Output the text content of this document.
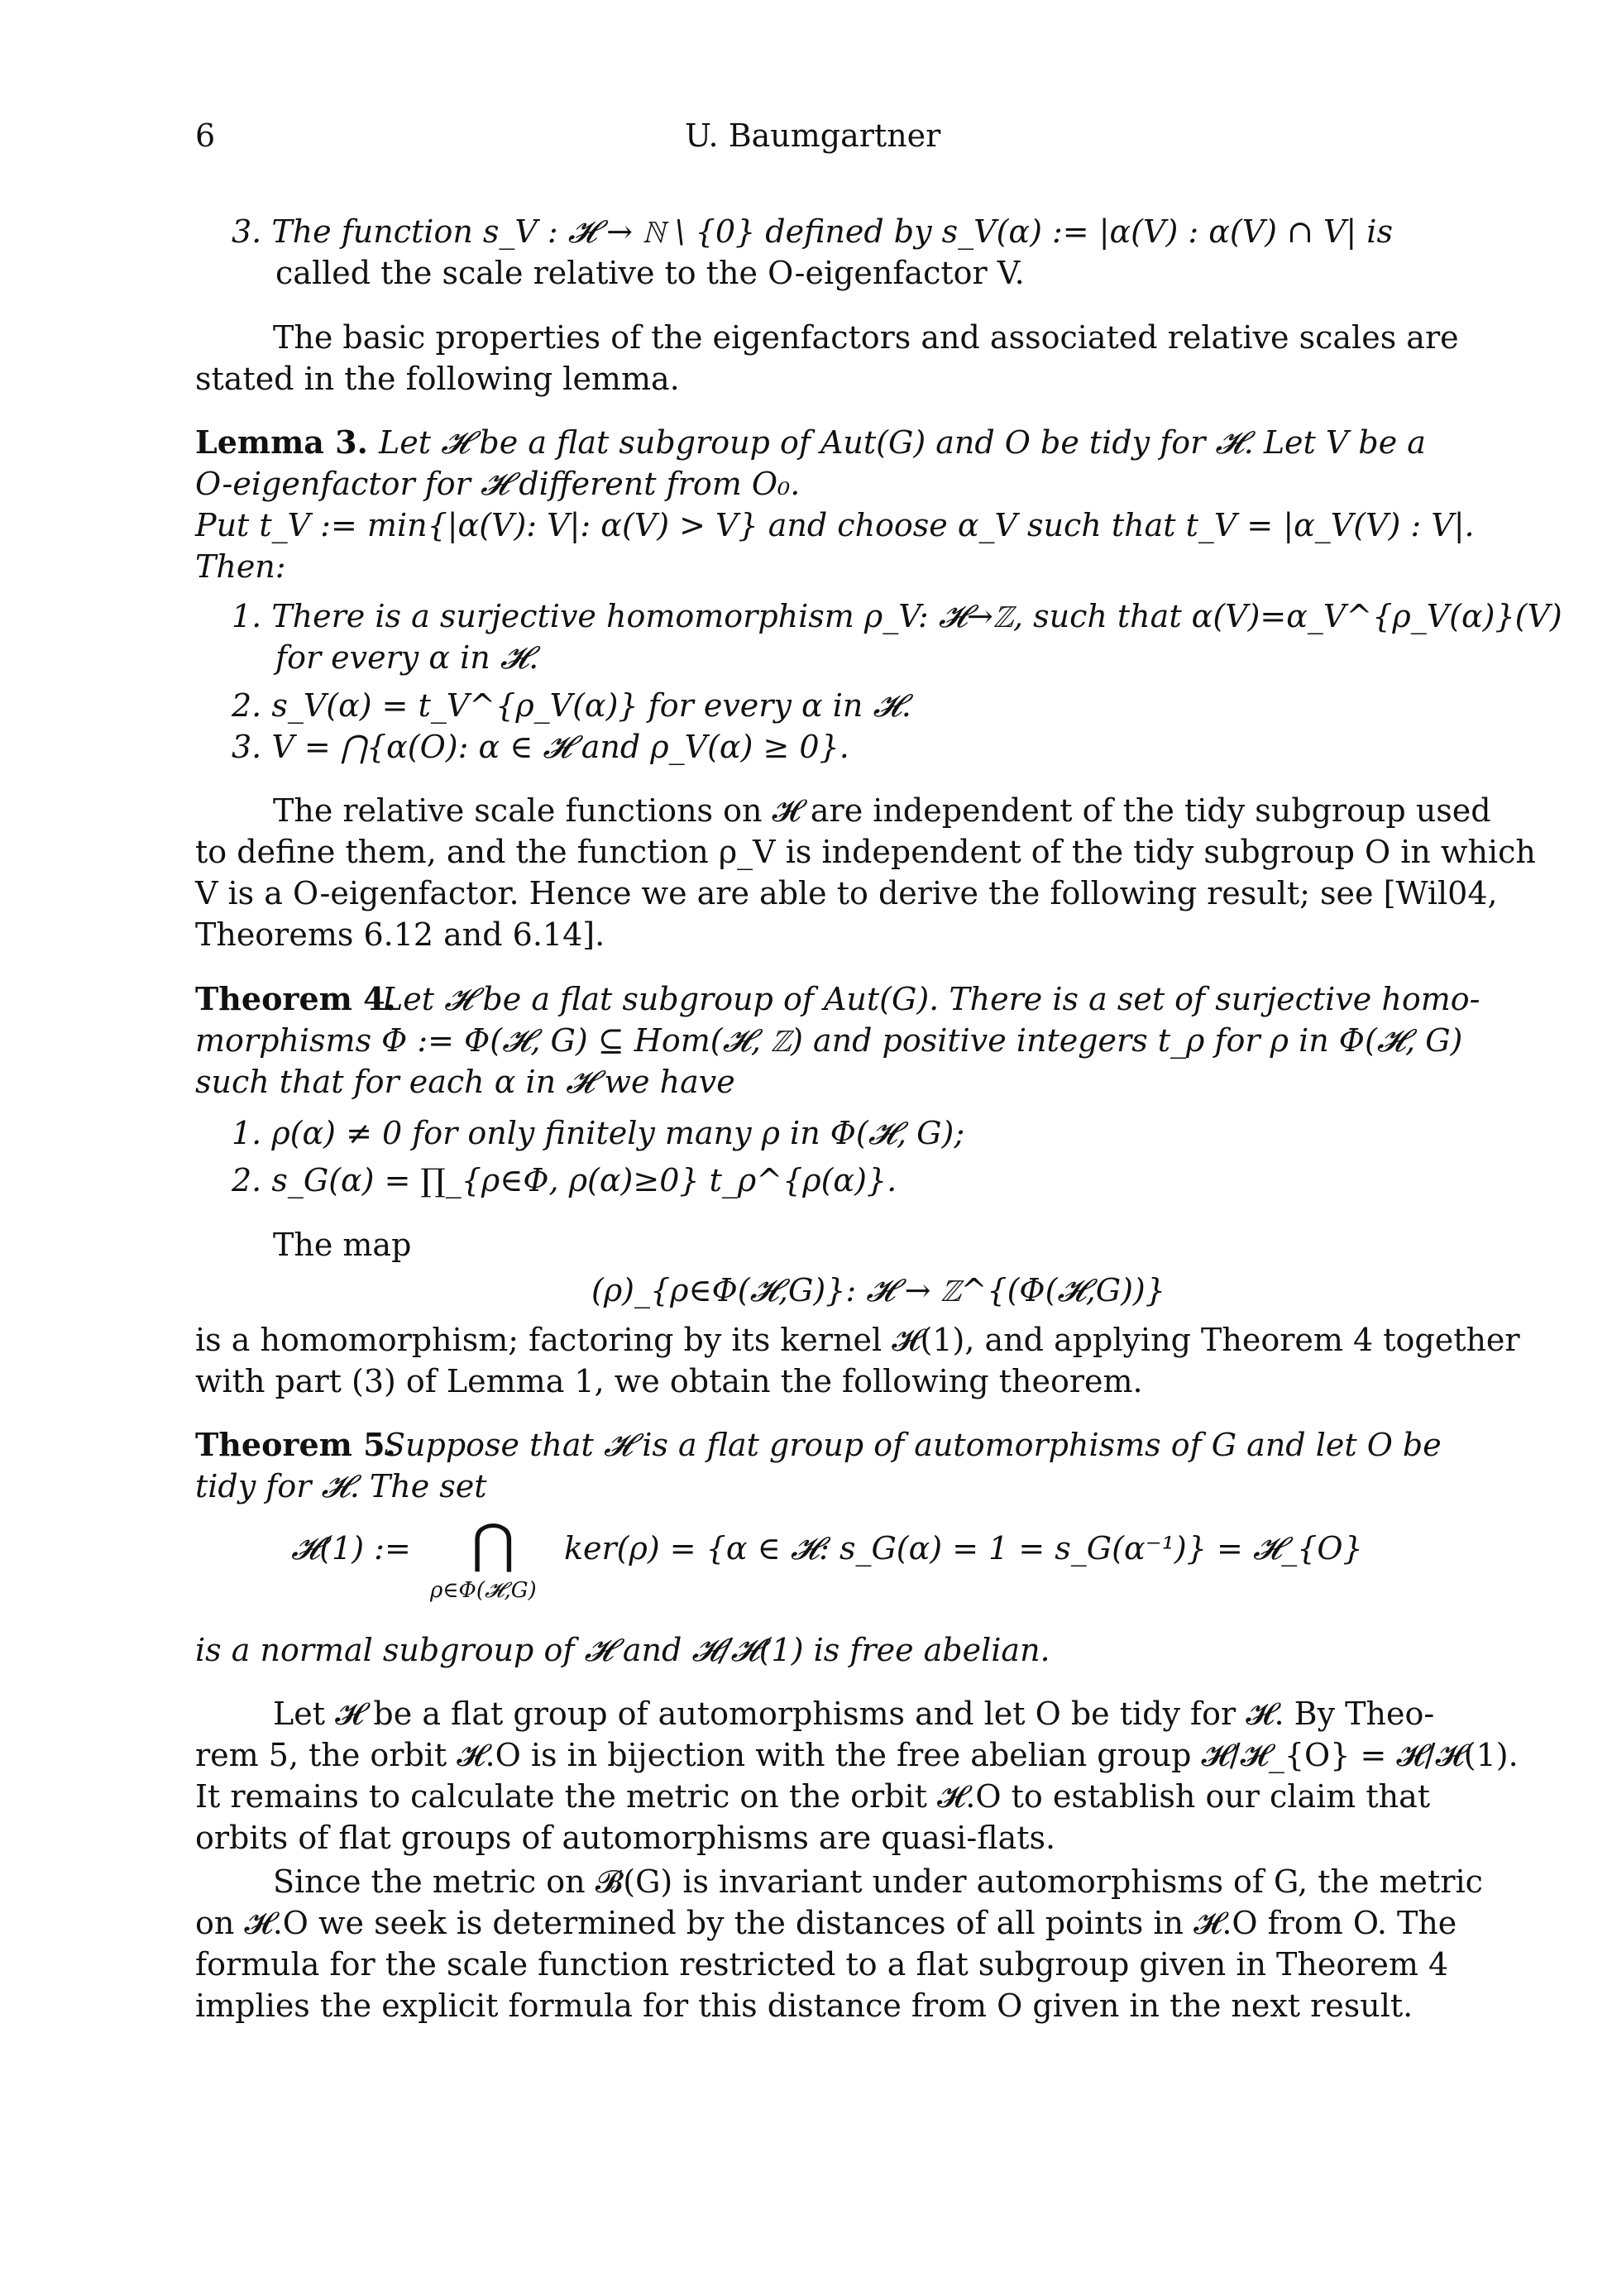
6	U. Baumgartner
3. The function s_V : 𝓗 → ℕ \ {0} defined by s_V(α) := |α(V) : α(V) ∩ V| is
called the scale relative to the O-eigenfactor V.
The basic properties of the eigenfactors and associated relative scales are
stated in the following lemma.
Lemma 3. Let 𝓗 be a flat subgroup of Aut(G) and O be tidy for 𝓗. Let V be a
O-eigenfactor for 𝓗 different from O₀.
Put t_V := min{|α(V): V|: α(V) > V} and choose α_V such that t_V = |α_V(V) : V|.
Then:
1. There is a surjective homomorphism ρ_V: 𝓗→ℤ, such that α(V)=α_V^{ρ_V(α)}(V)
for every α in 𝓗.
2. s_V(α) = t_V^{ρ_V(α)} for every α in 𝓗.
3. V = ⋂{α(O): α ∈ 𝓗 and ρ_V(α) ≥ 0}.
The relative scale functions on 𝓗 are independent of the tidy subgroup used
to define them, and the function ρ_V is independent of the tidy subgroup O in which
V is a O-eigenfactor. Hence we are able to derive the following result; see [Wil04,
Theorems 6.12 and 6.14].
Theorem 4.
Let 𝓗 be a flat subgroup of Aut(G). There is a set of surjective homo-
morphisms Φ := Φ(𝓗, G) ⊆ Hom(𝓗, ℤ) and positive integers t_ρ for ρ in Φ(𝓗, G)
such that for each α in 𝓗 we have
1. ρ(α) ≠ 0 for only finitely many ρ in Φ(𝓗, G);
2. s_G(α) = ∏_{ρ∈Φ, ρ(α)≥0} t_ρ^{ρ(α)}.
The map
(ρ)_{ρ∈Φ(𝓗,G)}: 𝓗 → ℤ^{(Φ(𝓗,G))}
is a homomorphism; factoring by its kernel 𝓗(1), and applying Theorem 4 together
with part (3) of Lemma 1, we obtain the following theorem.
Theorem 5.
Suppose that 𝓗 is a flat group of automorphisms of G and let O be
tidy for 𝓗. The set
𝓗(1) := ⋂
ρ∈Φ(𝓗,G)
ker(ρ) = {α ∈ 𝓗: s_G(α) = 1 = s_G(α⁻¹)} = 𝓗_{O}
is a normal subgroup of 𝓗 and 𝓗/𝓗(1) is free abelian.
Let 𝓗 be a flat group of automorphisms and let O be tidy for 𝓗. By Theo-
rem 5, the orbit 𝓗.O is in bijection with the free abelian group 𝓗/𝓗_{O} = 𝓗/𝓗(1).
It remains to calculate the metric on the orbit 𝓗.O to establish our claim that
orbits of flat groups of automorphisms are quasi-flats.
Since the metric on 𝓑(G) is invariant under automorphisms of G, the metric
on 𝓗.O we seek is determined by the distances of all points in 𝓗.O from O. The
formula for the scale function restricted to a flat subgroup given in Theorem 4
implies the explicit formula for this distance from O given in the next result.
